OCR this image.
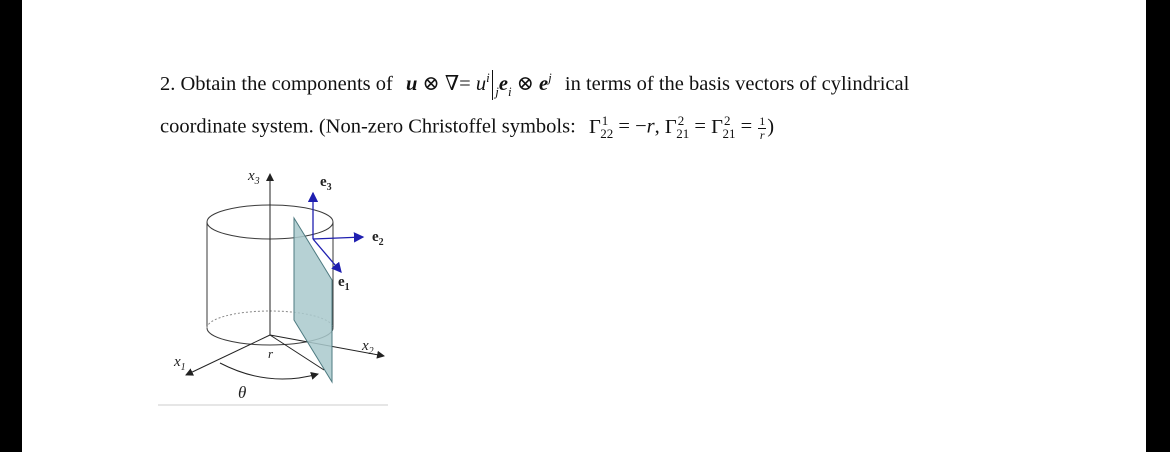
2. Obtain the components of u ⊗ ∇= $u^i_je_i$ ⊗ $e^j$ in terms of the basis vectors of cylindrical
coordinate system. (Non-zero Christoffel symbols: $\Gamma^1_{22} = -r$, $\Gamma^2_{21} = \Gamma^2_{21} = \frac{1}{r}$ )
$x_3$	$e_3$
$e_2$
$e_1$
$x_2$
$x_1$
r
θ
